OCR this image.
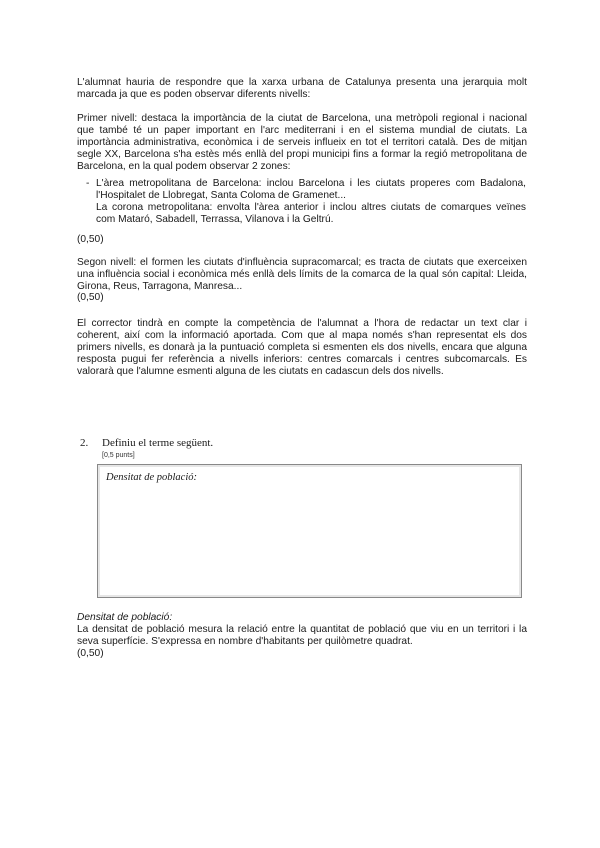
L'alumnat hauria de respondre que la xarxa urbana de Catalunya presenta una jerarquia molt marcada ja que es poden observar diferents nivells:

Primer nivell: destaca la importància de la ciutat de Barcelona, una metròpoli regional i nacional que també té un paper important en l'arc mediterrani i en el sistema mundial de ciutats. La importància administrativa, econòmica i de serveis influeix en tot el territori català. Des de mitjan segle XX, Barcelona s'ha estès més enllà del propi municipi fins a formar la regió metropolitana de Barcelona, en la qual podem observar 2 zones:

- L'àrea metropolitana de Barcelona: inclou Barcelona i les ciutats properes com Badalona, l'Hospitalet de Llobregat, Santa Coloma de Gramenet...
La corona metropolitana: envolta l'àrea anterior i inclou altres ciutats de comarques veïnes com Mataró, Sabadell, Terrassa, Vilanova i la Geltrú.

(0,50)

Segon nivell: el formen les ciutats d'influència supracomarcal; es tracta de ciutats que exerceixen una influència social i econòmica més enllà dels límits de la comarca de la qual són capital: Lleida, Girona, Reus, Tarragona, Manresa...

(0,50)

El corrector tindrà en compte la competència de l'alumnat a l'hora de redactar un text clar i coherent, així com la informació aportada. Com que al mapa només s'han representat els dos primers nivells, es donarà ja la puntuació completa si esmenten els dos nivells, encara que alguna resposta pugui fer referència a nivells inferiors: centres comarcals i centres subcomarcals. Es valorarà que l'alumne esmenti alguna de les ciutats en cadascun dels dos nivells.

2. Definiu el terme següent.
[0,5 punts]
Densitat de població:
Densitat de població:

La densitat de població mesura la relació entre la quantitat de població que viu en un territori i la seva superfície. S'expressa en nombre d'habitants per quilòmetre quadrat.

(0,50)
